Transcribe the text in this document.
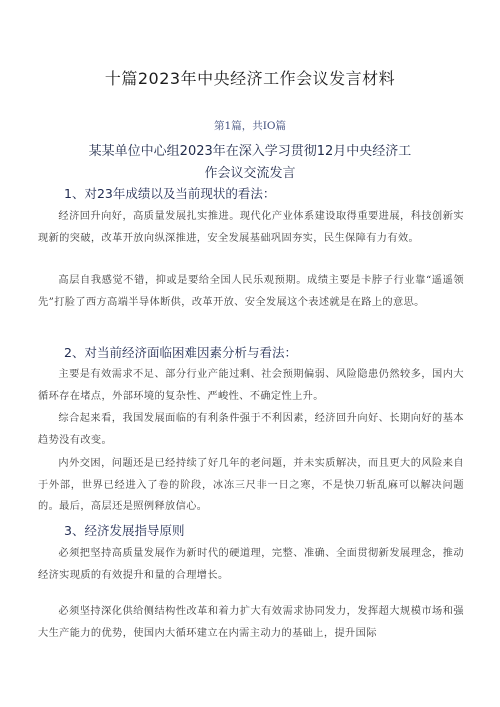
十篇2023年中央经济工作会议发言材料
第1篇，共IO篇
某某单位中心组2023年在深入学习贯彻12月中央经济工
作会议交流发言
1、对23年成绩以及当前现状的看法：
经济回升向好，高质量发展扎实推进。现代化产业体系建设取得重要进展，科技创新实现新的突破，改革开放向纵深推进，安全发展基础巩固夯实，民生保障有力有效。
高层自我感觉不错，抑或是要给全国人民乐观预期。成绩主要是卡脖子行业靠“遥遥领先”打脸了西方高端半导体断供，改革开放、安全发展这个表述就是在路上的意思。
2、对当前经济面临困难因素分析与看法：
主要是有效需求不足、部分行业产能过剩、社会预期偏弱、风险隐患仍然较多，国内大循环存在堵点，外部环境的复杂性、严峻性、不确定性上升。
综合起来看，我国发展面临的有利条件强于不利因素，经济回升向好、长期向好的基本趋势没有改变。
内外交困，问题还是已经持续了好几年的老问题，并未实质解决，而且更大的风险来自于外部，世界已经进入了卷的阶段，冰冻三尺非一日之寒，不是快刀斩乱麻可以解决问题的。最后，高层还是照例释放信心。
3、经济发展指导原则
必须把坚持高质量发展作为新时代的硬道理，完整、准确、全面贯彻新发展理念，推动经济实现质的有效提升和量的合理增长。
必须坚持深化供给侧结构性改革和着力扩大有效需求协同发力，发挥超大规模市场和强大生产能力的优势，使国内大循环建立在内需主动力的基础上，提升国际
